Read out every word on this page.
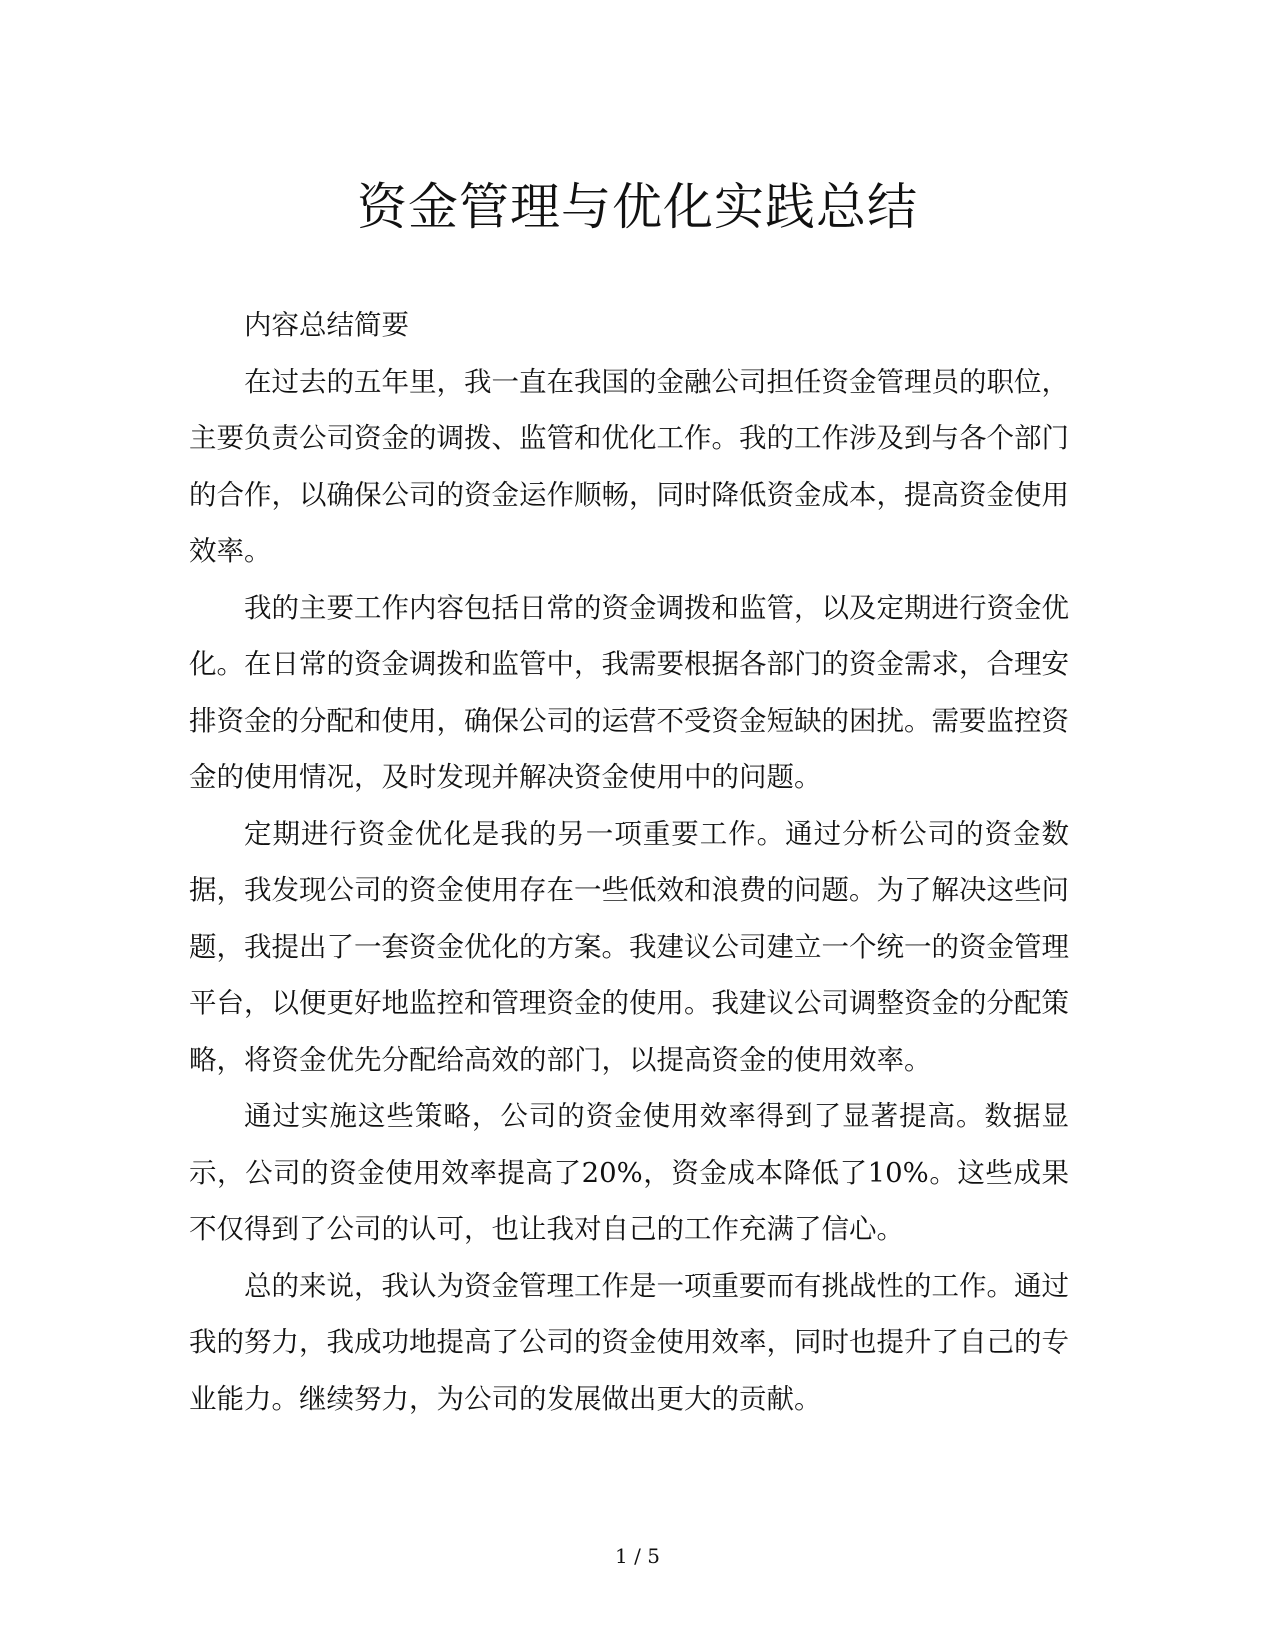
资金管理与优化实践总结

内容总结简要

在过去的五年里，我一直在我国的金融公司担任资金管理员的职位，主要负责公司资金的调拨、监管和优化工作。我的工作涉及到与各个部门的合作，以确保公司的资金运作顺畅，同时降低资金成本，提高资金使用效率。

我的主要工作内容包括日常的资金调拨和监管，以及定期进行资金优化。在日常的资金调拨和监管中，我需要根据各部门的资金需求，合理安排资金的分配和使用，确保公司的运营不受资金短缺的困扰。需要监控资金的使用情况，及时发现并解决资金使用中的问题。

定期进行资金优化是我的另一项重要工作。通过分析公司的资金数据，我发现公司的资金使用存在一些低效和浪费的问题。为了解决这些问题，我提出了一套资金优化的方案。我建议公司建立一个统一的资金管理平台，以便更好地监控和管理资金的使用。我建议公司调整资金的分配策略，将资金优先分配给高效的部门，以提高资金的使用效率。

通过实施这些策略，公司的资金使用效率得到了显著提高。数据显示，公司的资金使用效率提高了20%，资金成本降低了10%。这些成果不仅得到了公司的认可，也让我对自己的工作充满了信心。

总的来说，我认为资金管理工作是一项重要而有挑战性的工作。通过我的努力，我成功地提高了公司的资金使用效率，同时也提升了自己的专业能力。继续努力，为公司的发展做出更大的贡献。

1 / 5
